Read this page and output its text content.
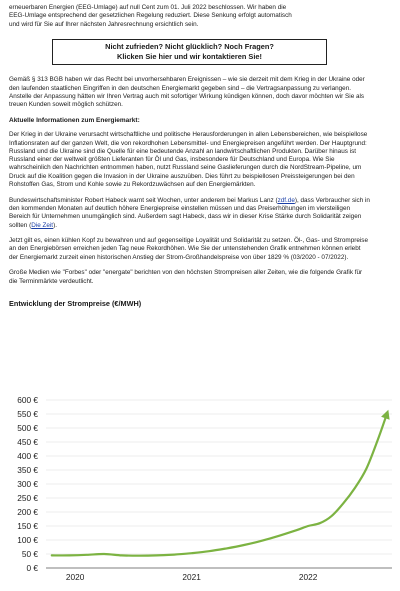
erneuerbaren Energien (EEG-Umlage) auf null Cent zum 01. Juli 2022 beschlossen. Wir haben die
EEG-Umlage entsprechend der gesetzlichen Regelung reduziert. Diese Senkung erfolgt automatisch
und wird für Sie auf Ihrer nächsten Jahresrechnung ersichtlich sein.

Nicht zufrieden? Nicht glücklich? Noch Fragen?
Klicken Sie hier und wir kontaktieren Sie!

Gemäß § 313 BGB haben wir das Recht bei unvorhersehbaren Ereignissen – wie sie derzeit mit dem Krieg in der Ukraine oder den laufenden staatlichen Eingriffen in den deutschen Energiemarkt gegeben sind – die Vertragsanpassung zu verlangen. Anstelle der Anpassung hätten wir Ihren Vertrag auch mit sofortiger Wirkung kündigen können, doch davor möchten wir Sie als treuen Kunden soweit möglich schützen.

Aktuelle Informationen zum Energiemarkt:

Der Krieg in der Ukraine verursacht wirtschaftliche und politische Herausforderungen in allen Lebensbereichen, wie beispiellose Inflationsraten auf der ganzen Welt, die von rekordhohen Lebensmittel- und Energiepreisen angeführt werden. Der Hauptgrund: Russland und die Ukraine sind die Quelle für eine bedeutende Anzahl an landwirtschaftlichen Produkten. Darüber hinaus ist Russland einer der weltweit größten Lieferanten für Öl und Gas, insbesondere für Deutschland und Europa. Wie Sie wahrscheinlich den Nachrichten entnommen haben, nutzt Russland seine Gaslieferungen durch die NordStream-Pipeline, um Druck auf die Koalition gegen die Invasion in der Ukraine auszuüben. Dies führt zu beispiellosen Preissteigerungen bei den Rohstoffen Gas, Strom und Kohle sowie zu Rekordzuwächsen auf den Energiemärkten.

Bundeswirtschaftsminister Robert Habeck warnt seit Wochen, unter anderem bei Markus Lanz (zdf.de), dass Verbraucher sich in den kommenden Monaten auf deutlich höhere Energiepreise einstellen müssen und das Preiserhöhungen im viersteiligen Bereich für Unternehmen unumgänglich sind. Außerdem sagt Habeck, dass wir in dieser Krise Stärke durch Solidarität zeigen sollten (Die Zeit).

Jetzt gilt es, einen kühlen Kopf zu bewahren und auf gegenseitige Loyalität und Solidarität zu setzen. Öl-, Gas- und Strompreise an den Energiebörsen erreichen jeden Tag neue Rekordhöhen. Wie Sie der untenstehenden Grafik entnehmen können erlebt der Energiemarkt zurzeit einen historischen Anstieg der Strom-Großhandelspreise von über 1829 % (03/2020 - 07/2022).

Große Medien wie "Forbes" oder "energate" berichten von den höchsten Strompreisen aller Zeiten, wie die folgende Grafik für die Terminmärkte verdeutlicht.

Entwicklung der Strompreise (€/MWH)
0 €
50 €
100 €
150 €
200 €
250 €
300 €
350 €
400 €
450 €
500 €
550 €
600 €
2020	2021	2022
